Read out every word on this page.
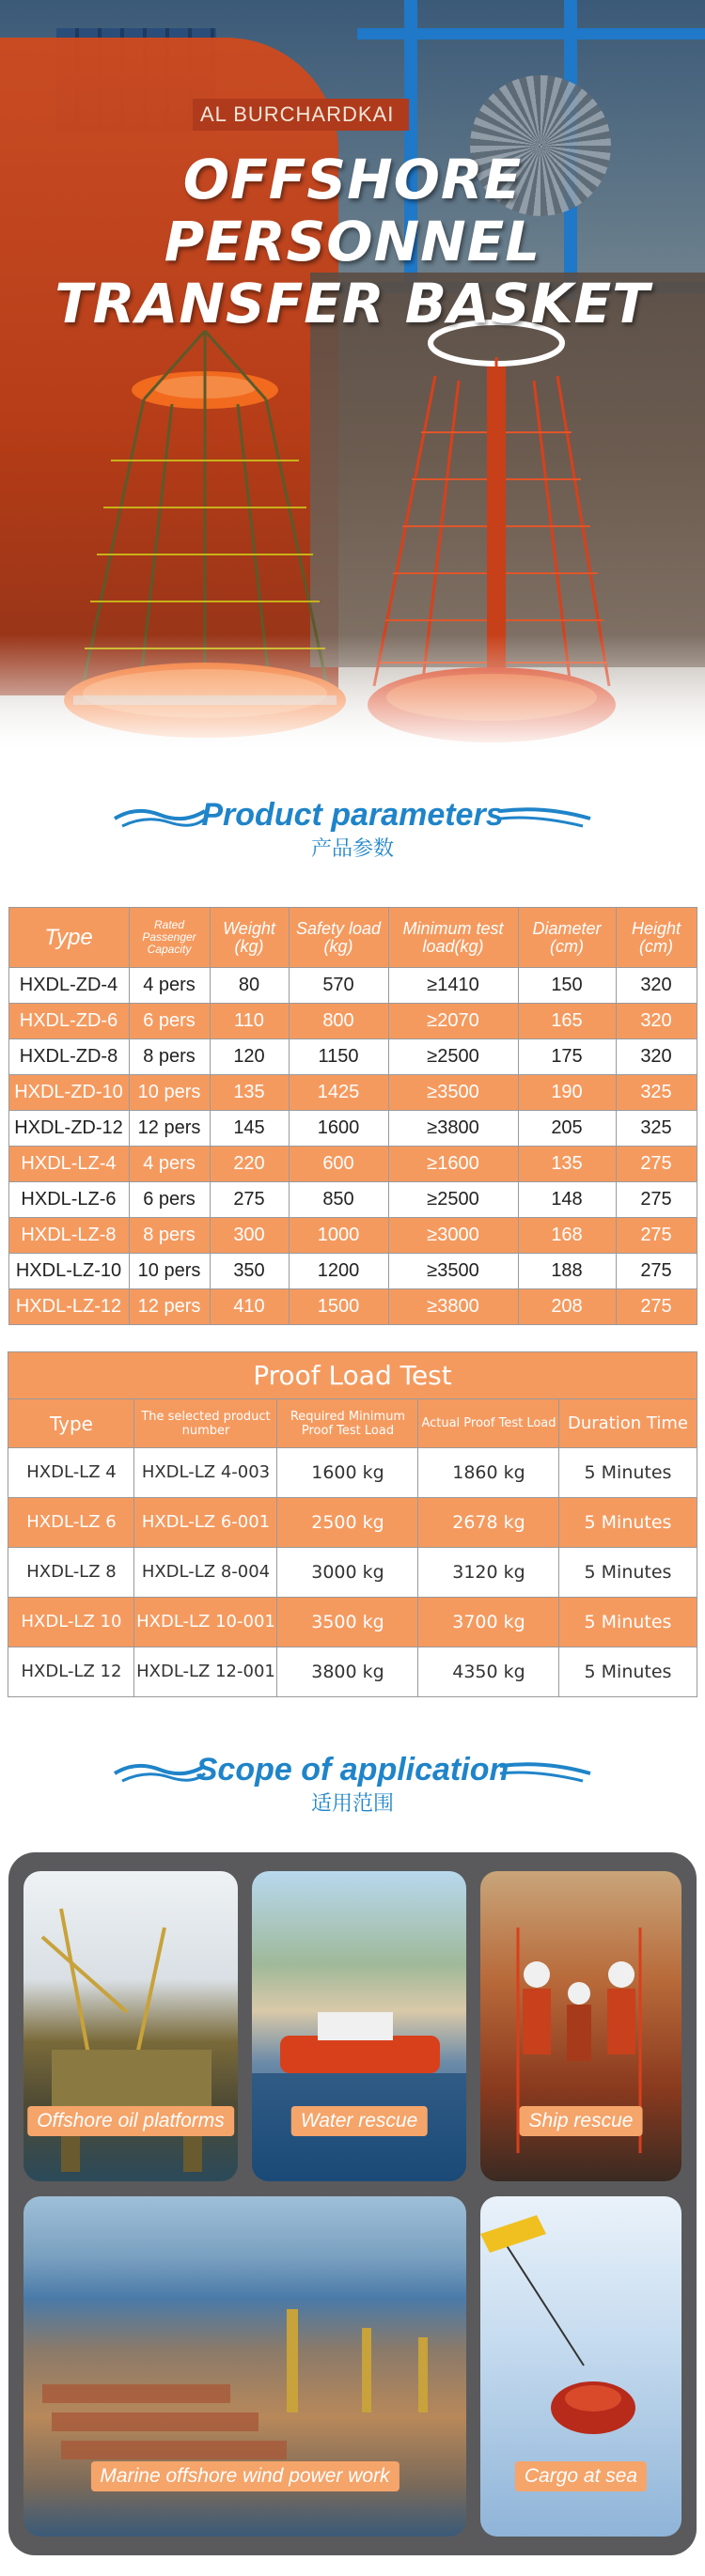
AL BURCHARDKAI
OFFSHORE PERSONNEL
TRANSFER BASKET
Product parameters
产品参数
Type	Rated Passenger Capacity	Weight (kg)	Safety load (kg)	Minimum test load(kg)	Diameter (cm)	Height (cm)
HXDL-ZD-4	4 pers	80	570	≥1410	150	320
HXDL-ZD-6	6 pers	110	800	≥2070	165	320
HXDL-ZD-8	8 pers	120	1150	≥2500	175	320
HXDL-ZD-10	10 pers	135	1425	≥3500	190	325
HXDL-ZD-12	12 pers	145	1600	≥3800	205	325
HXDL-LZ-4	4 pers	220	600	≥1600	135	275
HXDL-LZ-6	6 pers	275	850	≥2500	148	275
HXDL-LZ-8	8 pers	300	1000	≥3000	168	275
HXDL-LZ-10	10 pers	350	1200	≥3500	188	275
HXDL-LZ-12	12 pers	410	1500	≥3800	208	275
Proof Load Test				
Type	The selected product number	Required Minimum Proof Test Load	Actual Proof Test Load	Duration Time
HXDL-LZ 4	HXDL-LZ 4-003	1600 kg	1860 kg	5 Minutes
HXDL-LZ 6	HXDL-LZ 6-001	2500 kg	2678 kg	5 Minutes
HXDL-LZ 8	HXDL-LZ 8-004	3000 kg	3120 kg	5 Minutes
HXDL-LZ 10	HXDL-LZ 10-001	3500 kg	3700 kg	5 Minutes
HXDL-LZ 12	HXDL-LZ 12-001	3800 kg	4350 kg	5 Minutes
Scope of application
适用范围
Offshore oil platforms	Water rescue	Ship rescue
Marine offshore wind power work	Cargo at sea
